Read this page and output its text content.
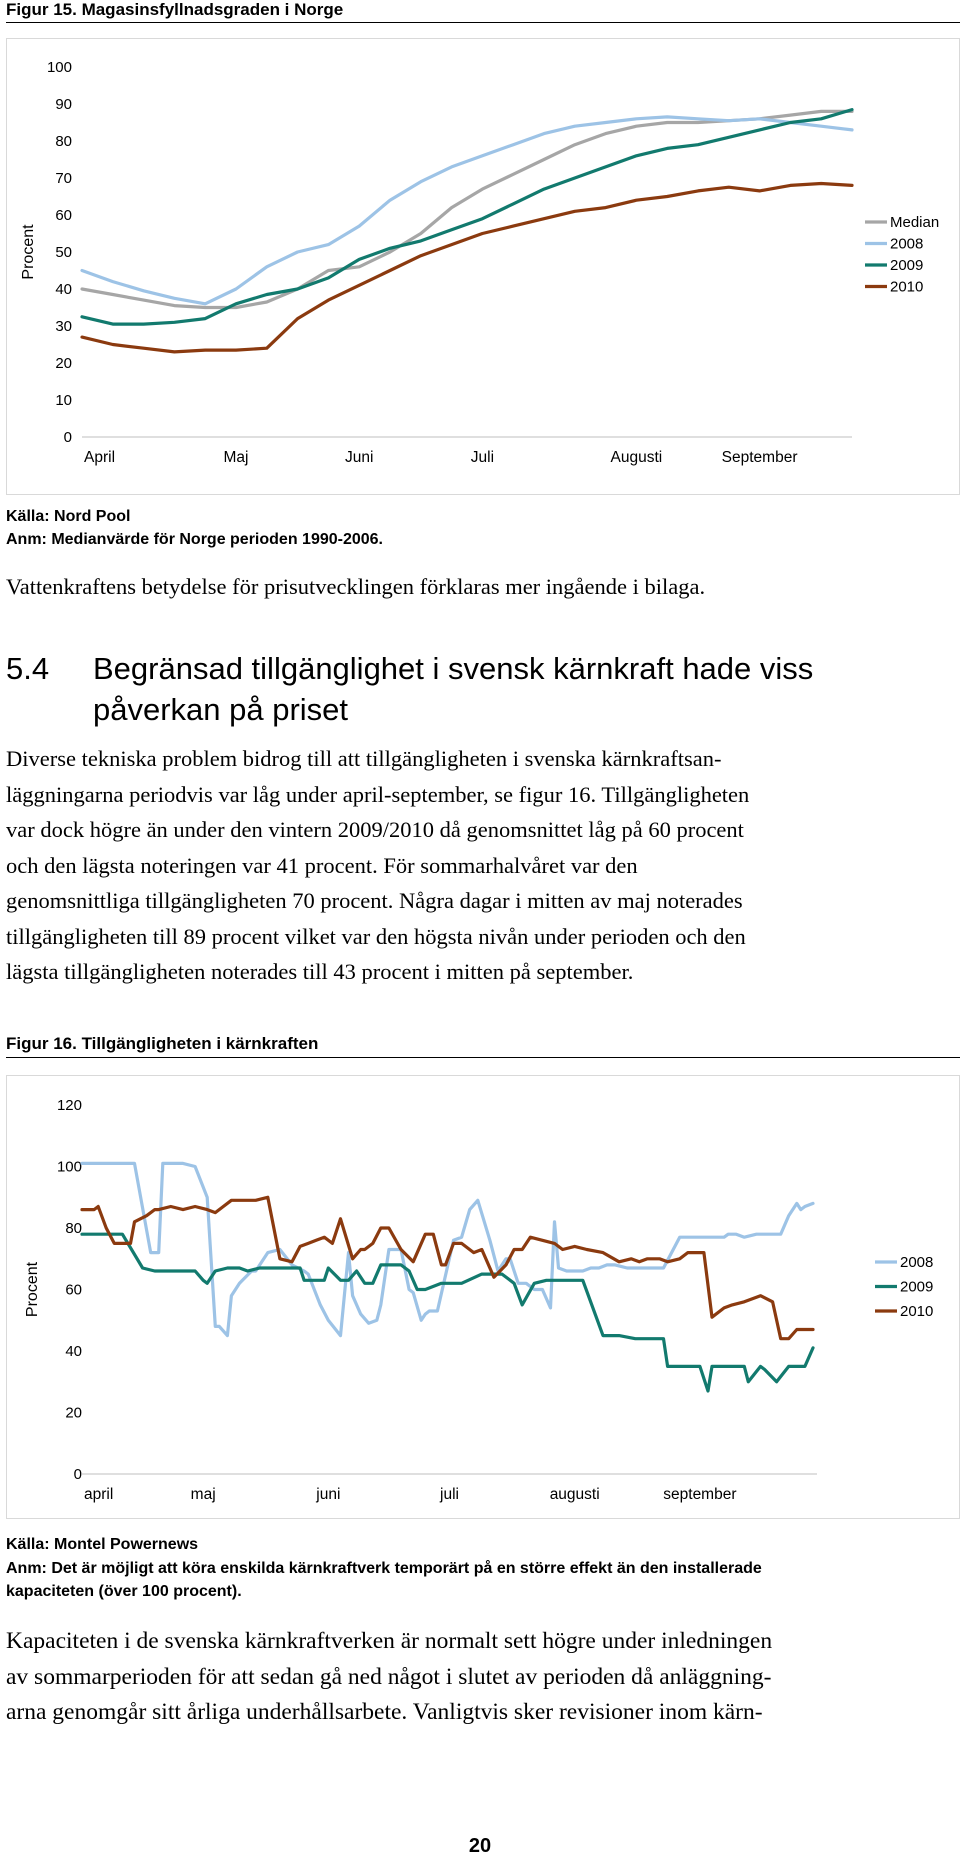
Figur 15. Magasinsfyllnadsgraden i Norge
Procent
0
10
20
30
40
50
60
70
80
90
100
April	Maj	Juni	Juli	Augusti	September
Median
2008
2009
2010
Källa: Nord Pool
Anm: Medianvärde för Norge perioden 1990-2006.
Vattenkraftens betydelse för prisutvecklingen förklaras mer ingående i bilaga.
5.4 Begränsad tillgänglighet i svensk kärnkraft hade viss
påverkan på priset
Diverse tekniska problem bidrog till att tillgängligheten i svenska kärnkraftsan-
läggningarna periodvis var låg under april-september, se figur 16. Tillgängligheten
var dock högre än under den vintern 2009/2010 då genomsnittet låg på 60 procent
och den lägsta noteringen var 41 procent. För sommarhalvåret var den
genomsnittliga tillgängligheten 70 procent. Några dagar i mitten av maj noterades
tillgängligheten till 89 procent vilket var den högsta nivån under perioden och den
lägsta tillgängligheten noterades till 43 procent i mitten på september.
Figur 16. Tillgängligheten i kärnkraften
Procent
0
20
40
60
80
100
120
april	maj	juni	juli	augusti	september
2008
2009
2010
Källa: Montel Powernews
Anm: Det är möjligt att köra enskilda kärnkraftverk temporärt på en större effekt än den installerade
kapaciteten (över 100 procent).
Kapaciteten i de svenska kärnkraftverken är normalt sett högre under inledningen
av sommarperioden för att sedan gå ned något i slutet av perioden då anläggning-
arna genomgår sitt årliga underhållsarbete. Vanligtvis sker revisioner inom kärn-
20
